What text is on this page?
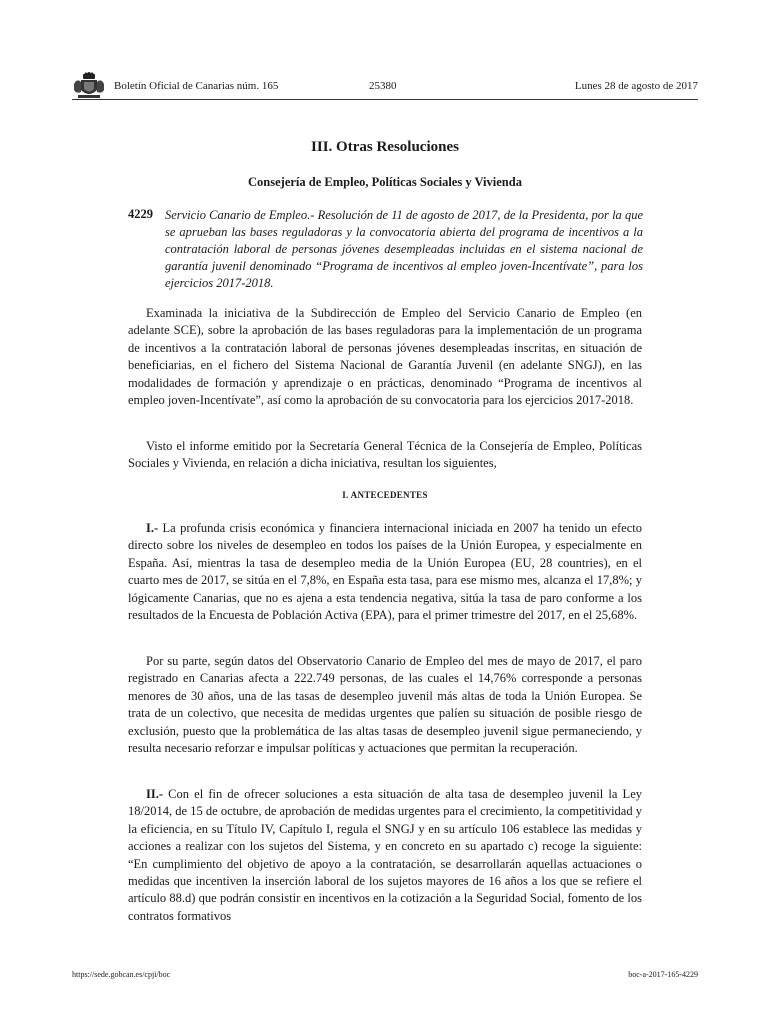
Boletín Oficial de Canarias núm. 165	25380	Lunes 28 de agosto de 2017
III. Otras Resoluciones
Consejería de Empleo, Políticas Sociales y Vivienda
4229 Servicio Canario de Empleo.- Resolución de 11 de agosto de 2017, de la Presidenta, por la que se aprueban las bases reguladoras y la convocatoria abierta del programa de incentivos a la contratación laboral de personas jóvenes desempleadas incluidas en el sistema nacional de garantía juvenil denominado “Programa de incentivos al empleo joven-Incentívate”, para los ejercicios 2017-2018.
Examinada la iniciativa de la Subdirección de Empleo del Servicio Canario de Empleo (en adelante SCE), sobre la aprobación de las bases reguladoras para la implementación de un programa de incentivos a la contratación laboral de personas jóvenes desempleadas inscritas, en situación de beneficiarias, en el fichero del Sistema Nacional de Garantía Juvenil (en adelante SNGJ), en las modalidades de formación y aprendizaje o en prácticas, denominado “Programa de incentivos al empleo joven-Incentívate”, así como la aprobación de su convocatoria para los ejercicios 2017-2018.
Visto el informe emitido por la Secretaría General Técnica de la Consejería de Empleo, Políticas Sociales y Vivienda, en relación a dicha iniciativa, resultan los siguientes,
I. ANTECEDENTES
I.- La profunda crisis económica y financiera internacional iniciada en 2007 ha tenido un efecto directo sobre los niveles de desempleo en todos los países de la Unión Europea, y especialmente en España. Así, mientras la tasa de desempleo media de la Unión Europea (EU, 28 countries), en el cuarto mes de 2017, se sitúa en el 7,8%, en España esta tasa, para ese mismo mes, alcanza el 17,8%; y lógicamente Canarias, que no es ajena a esta tendencia negativa, sitúa la tasa de paro conforme a los resultados de la Encuesta de Población Activa (EPA), para el primer trimestre del 2017, en el 25,68%.
Por su parte, según datos del Observatorio Canario de Empleo del mes de mayo de 2017, el paro registrado en Canarias afecta a 222.749 personas, de las cuales el 14,76% corresponde a personas menores de 30 años, una de las tasas de desempleo juvenil más altas de toda la Unión Europea. Se trata de un colectivo, que necesita de medidas urgentes que palíen su situación de posible riesgo de exclusión, puesto que la problemática de las altas tasas de desempleo juvenil sigue permaneciendo, y resulta necesario reforzar e impulsar políticas y actuaciones que permitan la recuperación.
II.- Con el fin de ofrecer soluciones a esta situación de alta tasa de desempleo juvenil la Ley 18/2014, de 15 de octubre, de aprobación de medidas urgentes para el crecimiento, la competitividad y la eficiencia, en su Título IV, Capítulo I, regula el SNGJ y en su artículo 106 establece las medidas y acciones a realizar con los sujetos del Sistema, y en concreto en su apartado c) recoge la siguiente: “En cumplimiento del objetivo de apoyo a la contratación, se desarrollarán aquellas actuaciones o medidas que incentiven la inserción laboral de los sujetos mayores de 16 años a los que se refiere el artículo 88.d) que podrán consistir en incentivos en la cotización a la Seguridad Social, fomento de los contratos formativos
https://sede.gobcan.es/cpji/boc	boc-a-2017-165-4229
